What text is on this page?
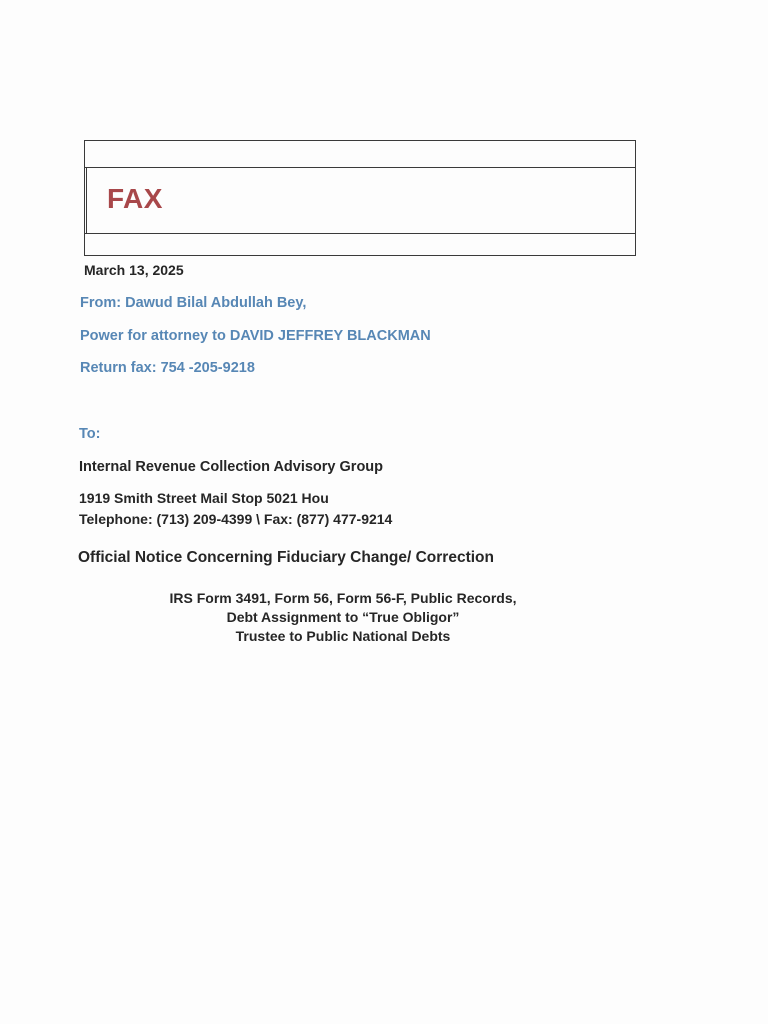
FAX
March 13, 2025
From: Dawud Bilal Abdullah Bey,
Power for attorney to DAVID JEFFREY BLACKMAN
Return fax: 754 -205-9218
To:
Internal Revenue Collection Advisory Group
1919 Smith Street Mail Stop 5021 Hou
Telephone: (713) 209-4399 \ Fax: (877) 477-9214
Official Notice Concerning Fiduciary Change/ Correction
IRS Form 3491, Form 56, Form 56-F, Public Records,
Debt Assignment to “True Obligor”
Trustee to Public National Debts
